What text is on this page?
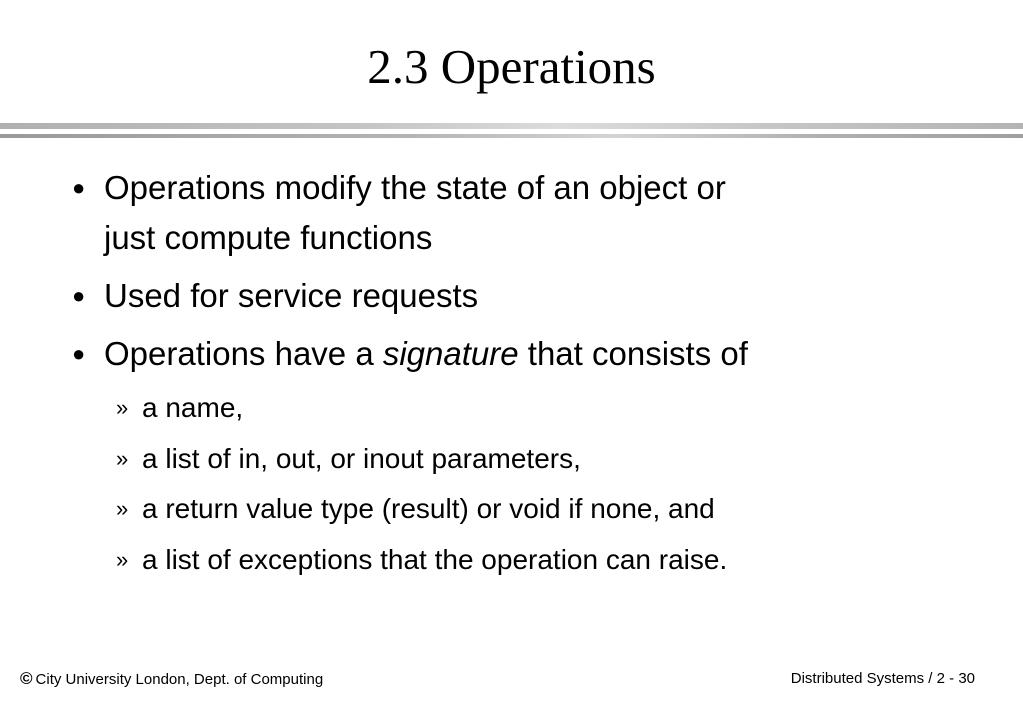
2.3 Operations
● Operations modify the state of an object or
just compute functions
● Used for service requests
● Operations have a signature that consists of
» a name,
» a list of in, out, or inout parameters,
» a return value type (result) or void if none, and
» a list of exceptions that the operation can raise.
© City University London, Dept. of Computing	Distributed Systems / 2 - 30
